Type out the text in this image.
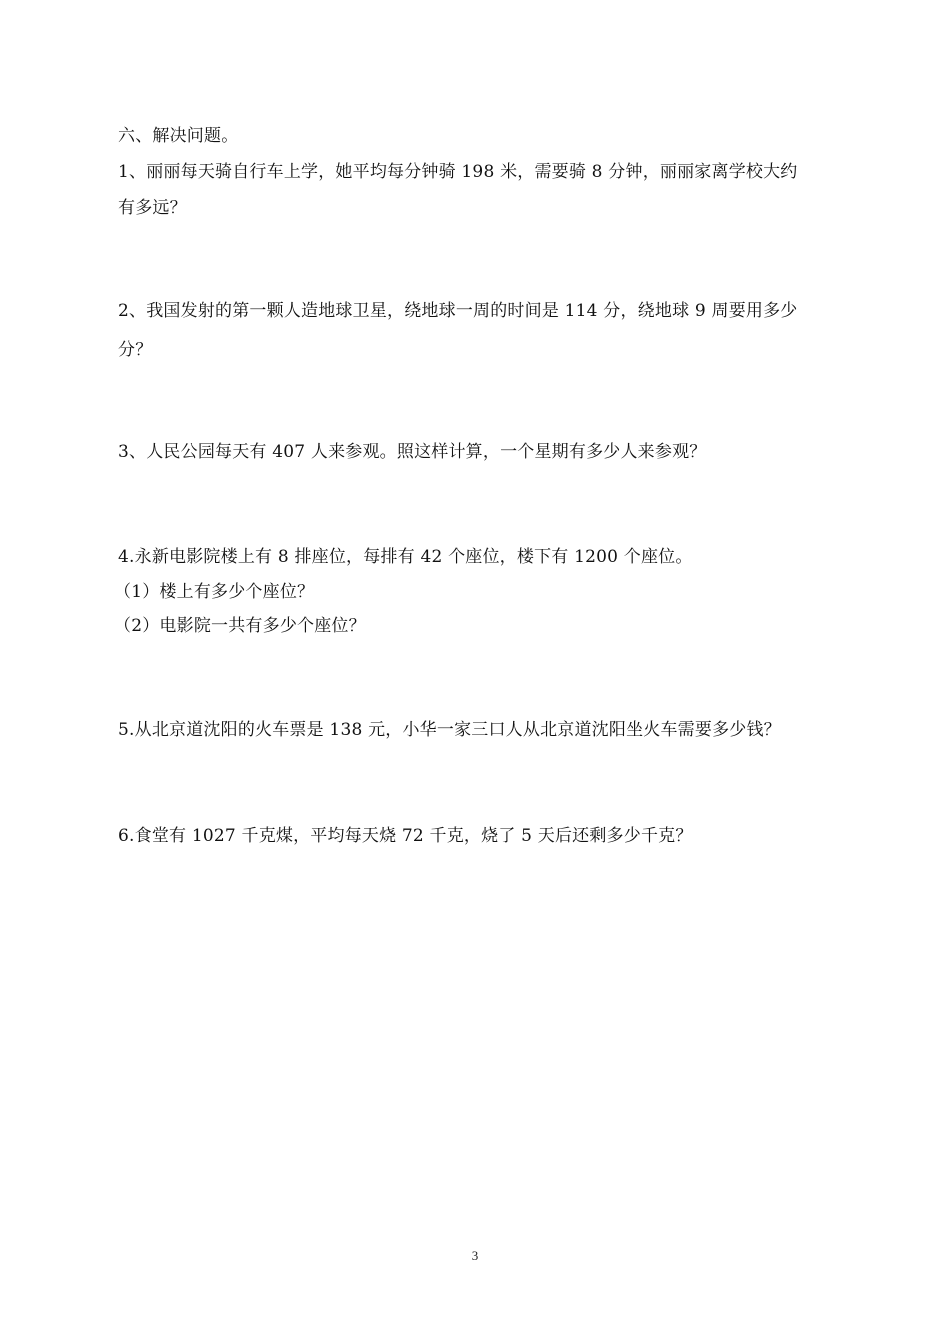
六、解决问题。
1、丽丽每天骑自行车上学，她平均每分钟骑 198 米，需要骑 8 分钟，丽丽家离学校大约
有多远？
2、我国发射的第一颗人造地球卫星，绕地球一周的时间是 114 分，绕地球 9 周要用多少
分？
3、人民公园每天有 407 人来参观。照这样计算，一个星期有多少人来参观？
4.永新电影院楼上有 8 排座位，每排有 42 个座位，楼下有 1200 个座位。
（1）楼上有多少个座位？
（2）电影院一共有多少个座位？
5.从北京道沈阳的火车票是 138 元，小华一家三口人从北京道沈阳坐火车需要多少钱？
6.食堂有 1027 千克煤，平均每天烧 72 千克，烧了 5 天后还剩多少千克？
3
